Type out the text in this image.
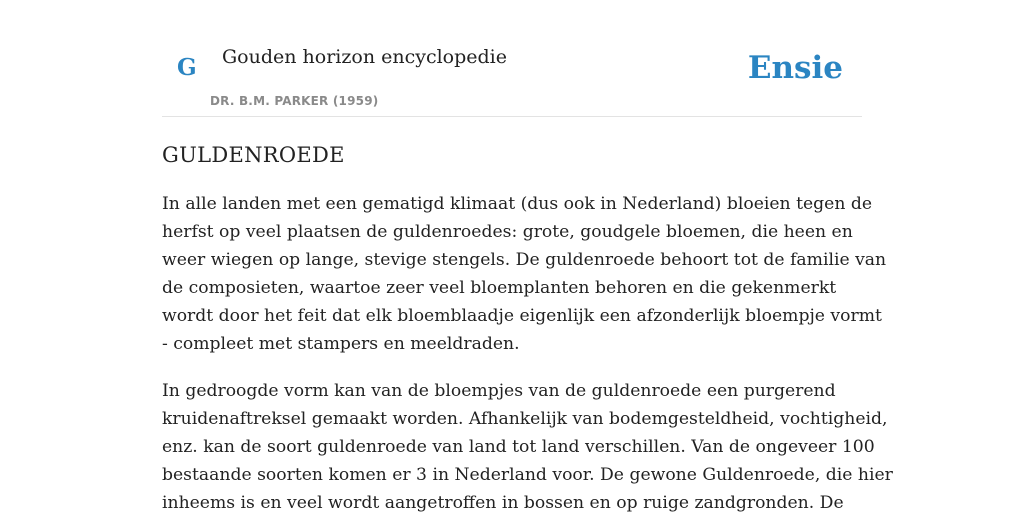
G Gouden horizon encyclopedie
DR. B.M. PARKER (1959)
Ensie
GULDENROEDE

In alle landen met een gematigd klimaat (dus ook in Nederland) bloeien tegen de
herfst op veel plaatsen de guldenroedes: grote, goudgele bloemen, die heen en
weer wiegen op lange, stevige stengels. De guldenroede behoort tot de familie van
de composieten, waartoe zeer veel bloemplanten behoren en die gekenmerkt
wordt door het feit dat elk bloemblaadje eigenlijk een afzonderlijk bloempje vormt
- compleet met stampers en meeldraden.

In gedroogde vorm kan van de bloempjes van de guldenroede een purgerend
kruidenaftreksel gemaakt worden. Afhankelijk van bodemgesteldheid, vochtigheid,
enz. kan de soort guldenroede van land tot land verschillen. Van de ongeveer 100
bestaande soorten komen er 3 in Nederland voor. De gewone Guldenroede, die hier
inheems is en veel wordt aangetroffen in bossen en op ruige zandgronden. De
